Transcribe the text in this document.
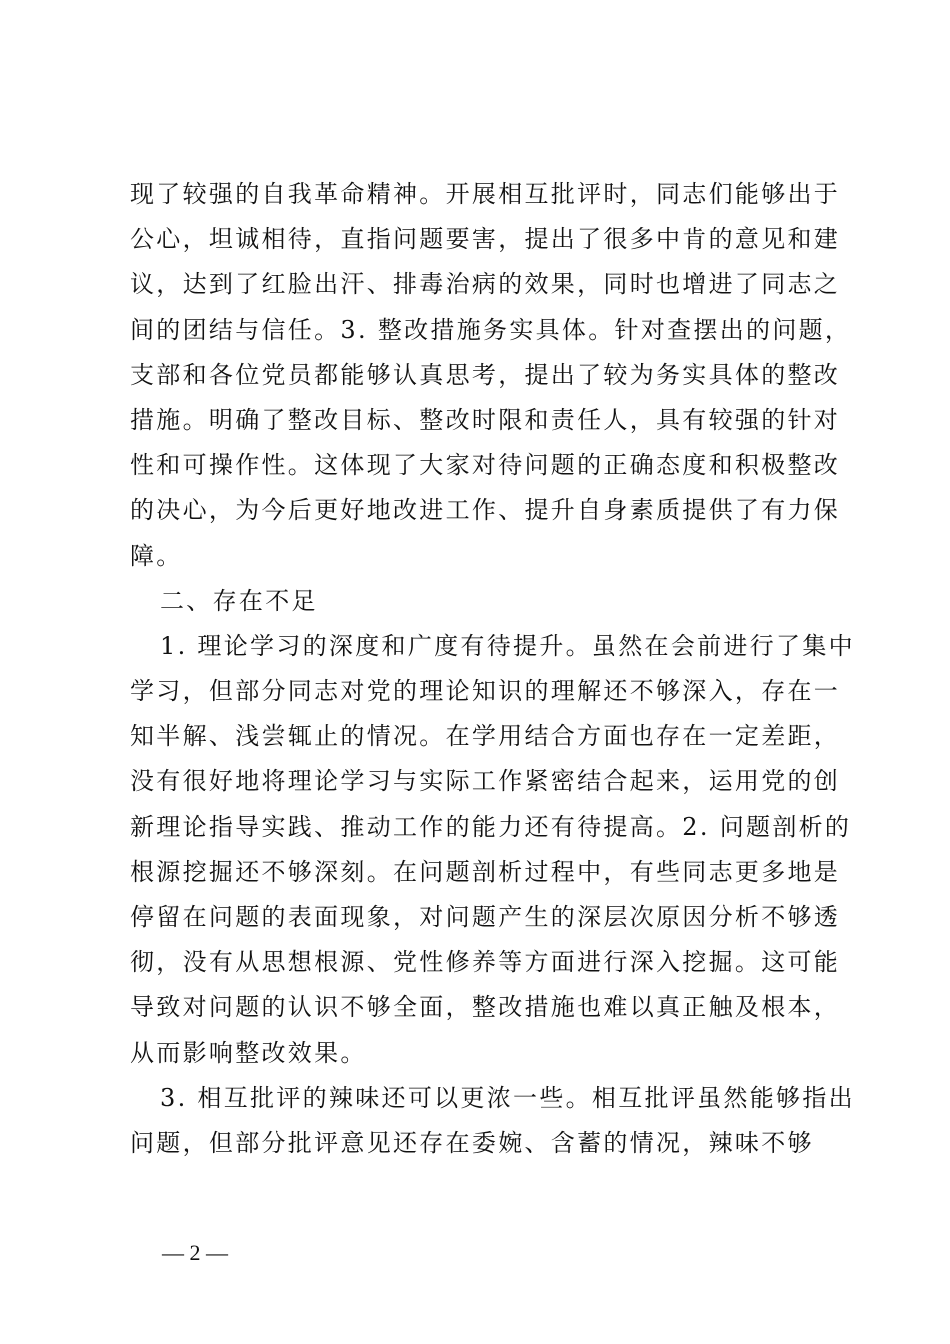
现了较强的自我革命精神。开展相互批评时，同志们能够出于
公心，坦诚相待，直指问题要害，提出了很多中肯的意见和建
议，达到了红脸出汗、排毒治病的效果，同时也增进了同志之
间的团结与信任。3. 整改措施务实具体。针对查摆出的问题，
支部和各位党员都能够认真思考，提出了较为务实具体的整改
措施。明确了整改目标、整改时限和责任人，具有较强的针对
性和可操作性。这体现了大家对待问题的正确态度和积极整改
的决心，为今后更好地改进工作、提升自身素质提供了有力保
障。
二、存在不足
1. 理论学习的深度和广度有待提升。虽然在会前进行了集中
学习，但部分同志对党的理论知识的理解还不够深入，存在一
知半解、浅尝辄止的情况。在学用结合方面也存在一定差距，
没有很好地将理论学习与实际工作紧密结合起来，运用党的创
新理论指导实践、推动工作的能力还有待提高。2. 问题剖析的
根源挖掘还不够深刻。在问题剖析过程中，有些同志更多地是
停留在问题的表面现象，对问题产生的深层次原因分析不够透
彻，没有从思想根源、党性修养等方面进行深入挖掘。这可能
导致对问题的认识不够全面，整改措施也难以真正触及根本，
从而影响整改效果。
3. 相互批评的辣味还可以更浓一些。相互批评虽然能够指出
问题，但部分批评意见还存在委婉、含蓄的情况，辣味不够
— 2 —
